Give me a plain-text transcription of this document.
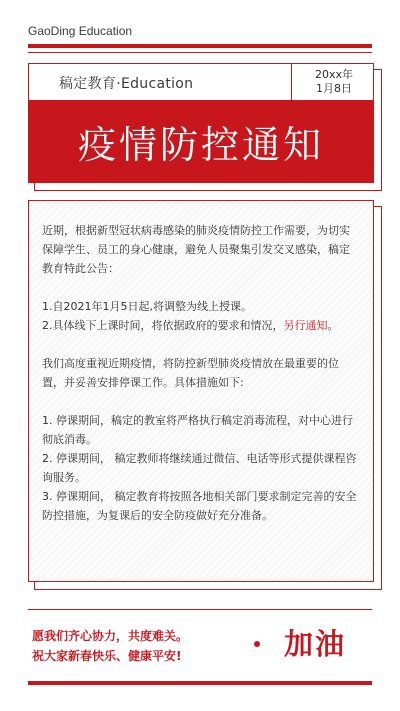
GaoDing Education
稿定教育·Education
20xx年
1月8日
疫情防控通知

近期，根据新型冠状病毒感染的肺炎疫情防控工作需要，为切实保障学生、员工的身心健康，避免人员聚集引发交叉感染，稿定教育特此公告：

1.自2021年1月5日起,将调整为线上授课。

2.具体线下上课时间，将依据政府的要求和情况，另行通知。

我们高度重视近期疫情，将防控新型肺炎疫情放在最重要的位置，并妥善安排停课工作。具体措施如下:

1. 停课期间，稿定的教室将严格执行稿定消毒流程，对中心进行彻底消毒。

2. 停课期间， 稿定教师将继续通过微信、电话等形式提供课程咨询服务。

3. 停课期间， 稿定教育将按照各地相关部门要求制定完善的安全防控措施，为复课后的安全防疫做好充分准备。

愿我们齐心协力，共度难关。
祝大家新春快乐、健康平安!	加油
